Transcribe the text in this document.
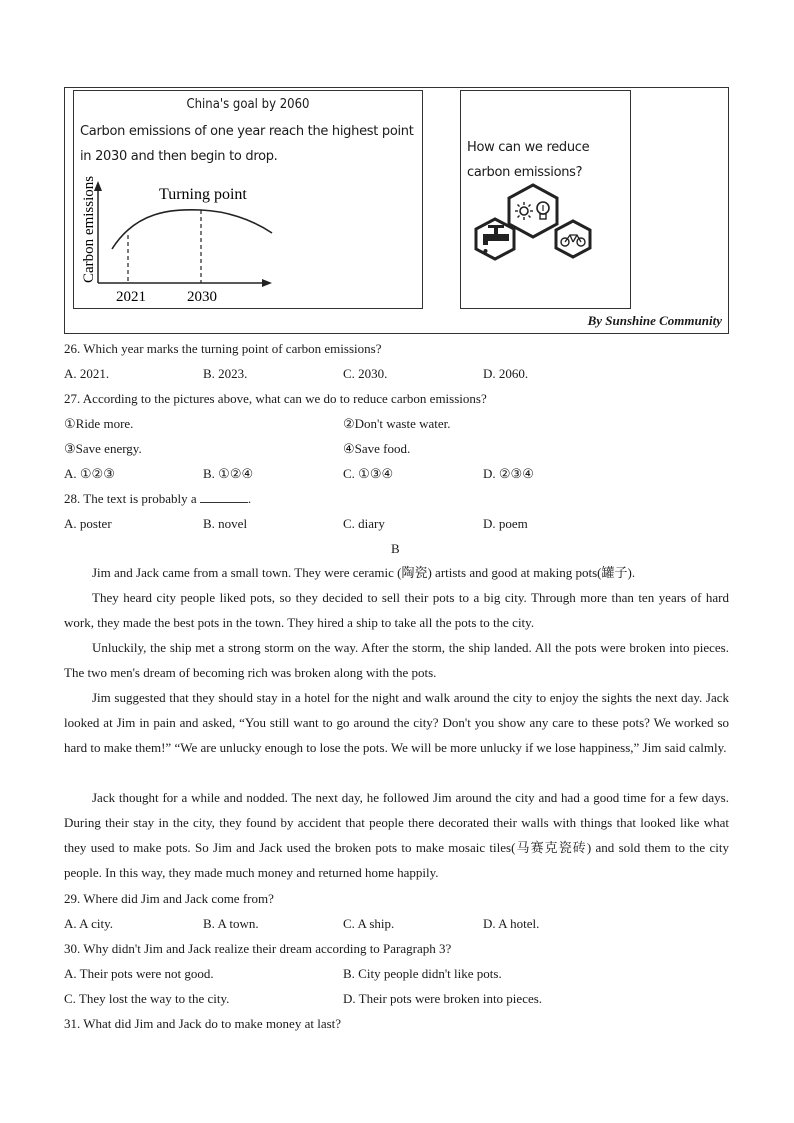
China's goal by 2060
Carbon emissions of one year reach the highest point in 2030 and then begin to drop.
Carbon emissions	Turning point
2021	2030
How can we reduce carbon emissions?
By Sunshine Community
26. Which year marks the turning point of carbon emissions?
A. 2021.	B. 2023.	C. 2030.	D. 2060.
27. According to the pictures above, what can we do to reduce carbon emissions?
①Ride more.	②Don't waste water.
③Save energy.	④Save food.
A. ①②③	B. ①②④	C. ①③④	D. ②③④
28. The text is probably a	.
A. poster	B. novel	C. diary	D. poem
B
Jim and Jack came from a small town. They were ceramic (陶瓷) artists and good at making pots(罐子).
They heard city people liked pots, so they decided to sell their pots to a big city. Through more than ten years of hard work, they made the best pots in the town. They hired a ship to take all the pots to the city.
Unluckily, the ship met a strong storm on the way. After the storm, the ship landed. All the pots were broken into pieces. The two men's dream of becoming rich was broken along with the pots.
Jim suggested that they should stay in a hotel for the night and walk around the city to enjoy the sights the next day. Jack looked at Jim in pain and asked, “You still want to go around the city? Don't you show any care to these pots? We worked so hard to make them!” “We are unlucky enough to lose the pots. We will be more unlucky if we lose happiness,” Jim said calmly.
Jack thought for a while and nodded. The next day, he followed Jim around the city and had a good time for a few days. During their stay in the city, they found by accident that people there decorated their walls with things that looked like what they used to make pots. So Jim and Jack used the broken pots to make mosaic tiles(马赛克瓷砖) and sold them to the city people. In this way, they made much money and returned home happily.
29. Where did Jim and Jack come from?
A. A city.	B. A town.	C. A ship.	D. A hotel.
30. Why didn't Jim and Jack realize their dream according to Paragraph 3?
A. Their pots were not good.	B. City people didn't like pots.
C. They lost the way to the city.	D. Their pots were broken into pieces.
31. What did Jim and Jack do to make money at last?
